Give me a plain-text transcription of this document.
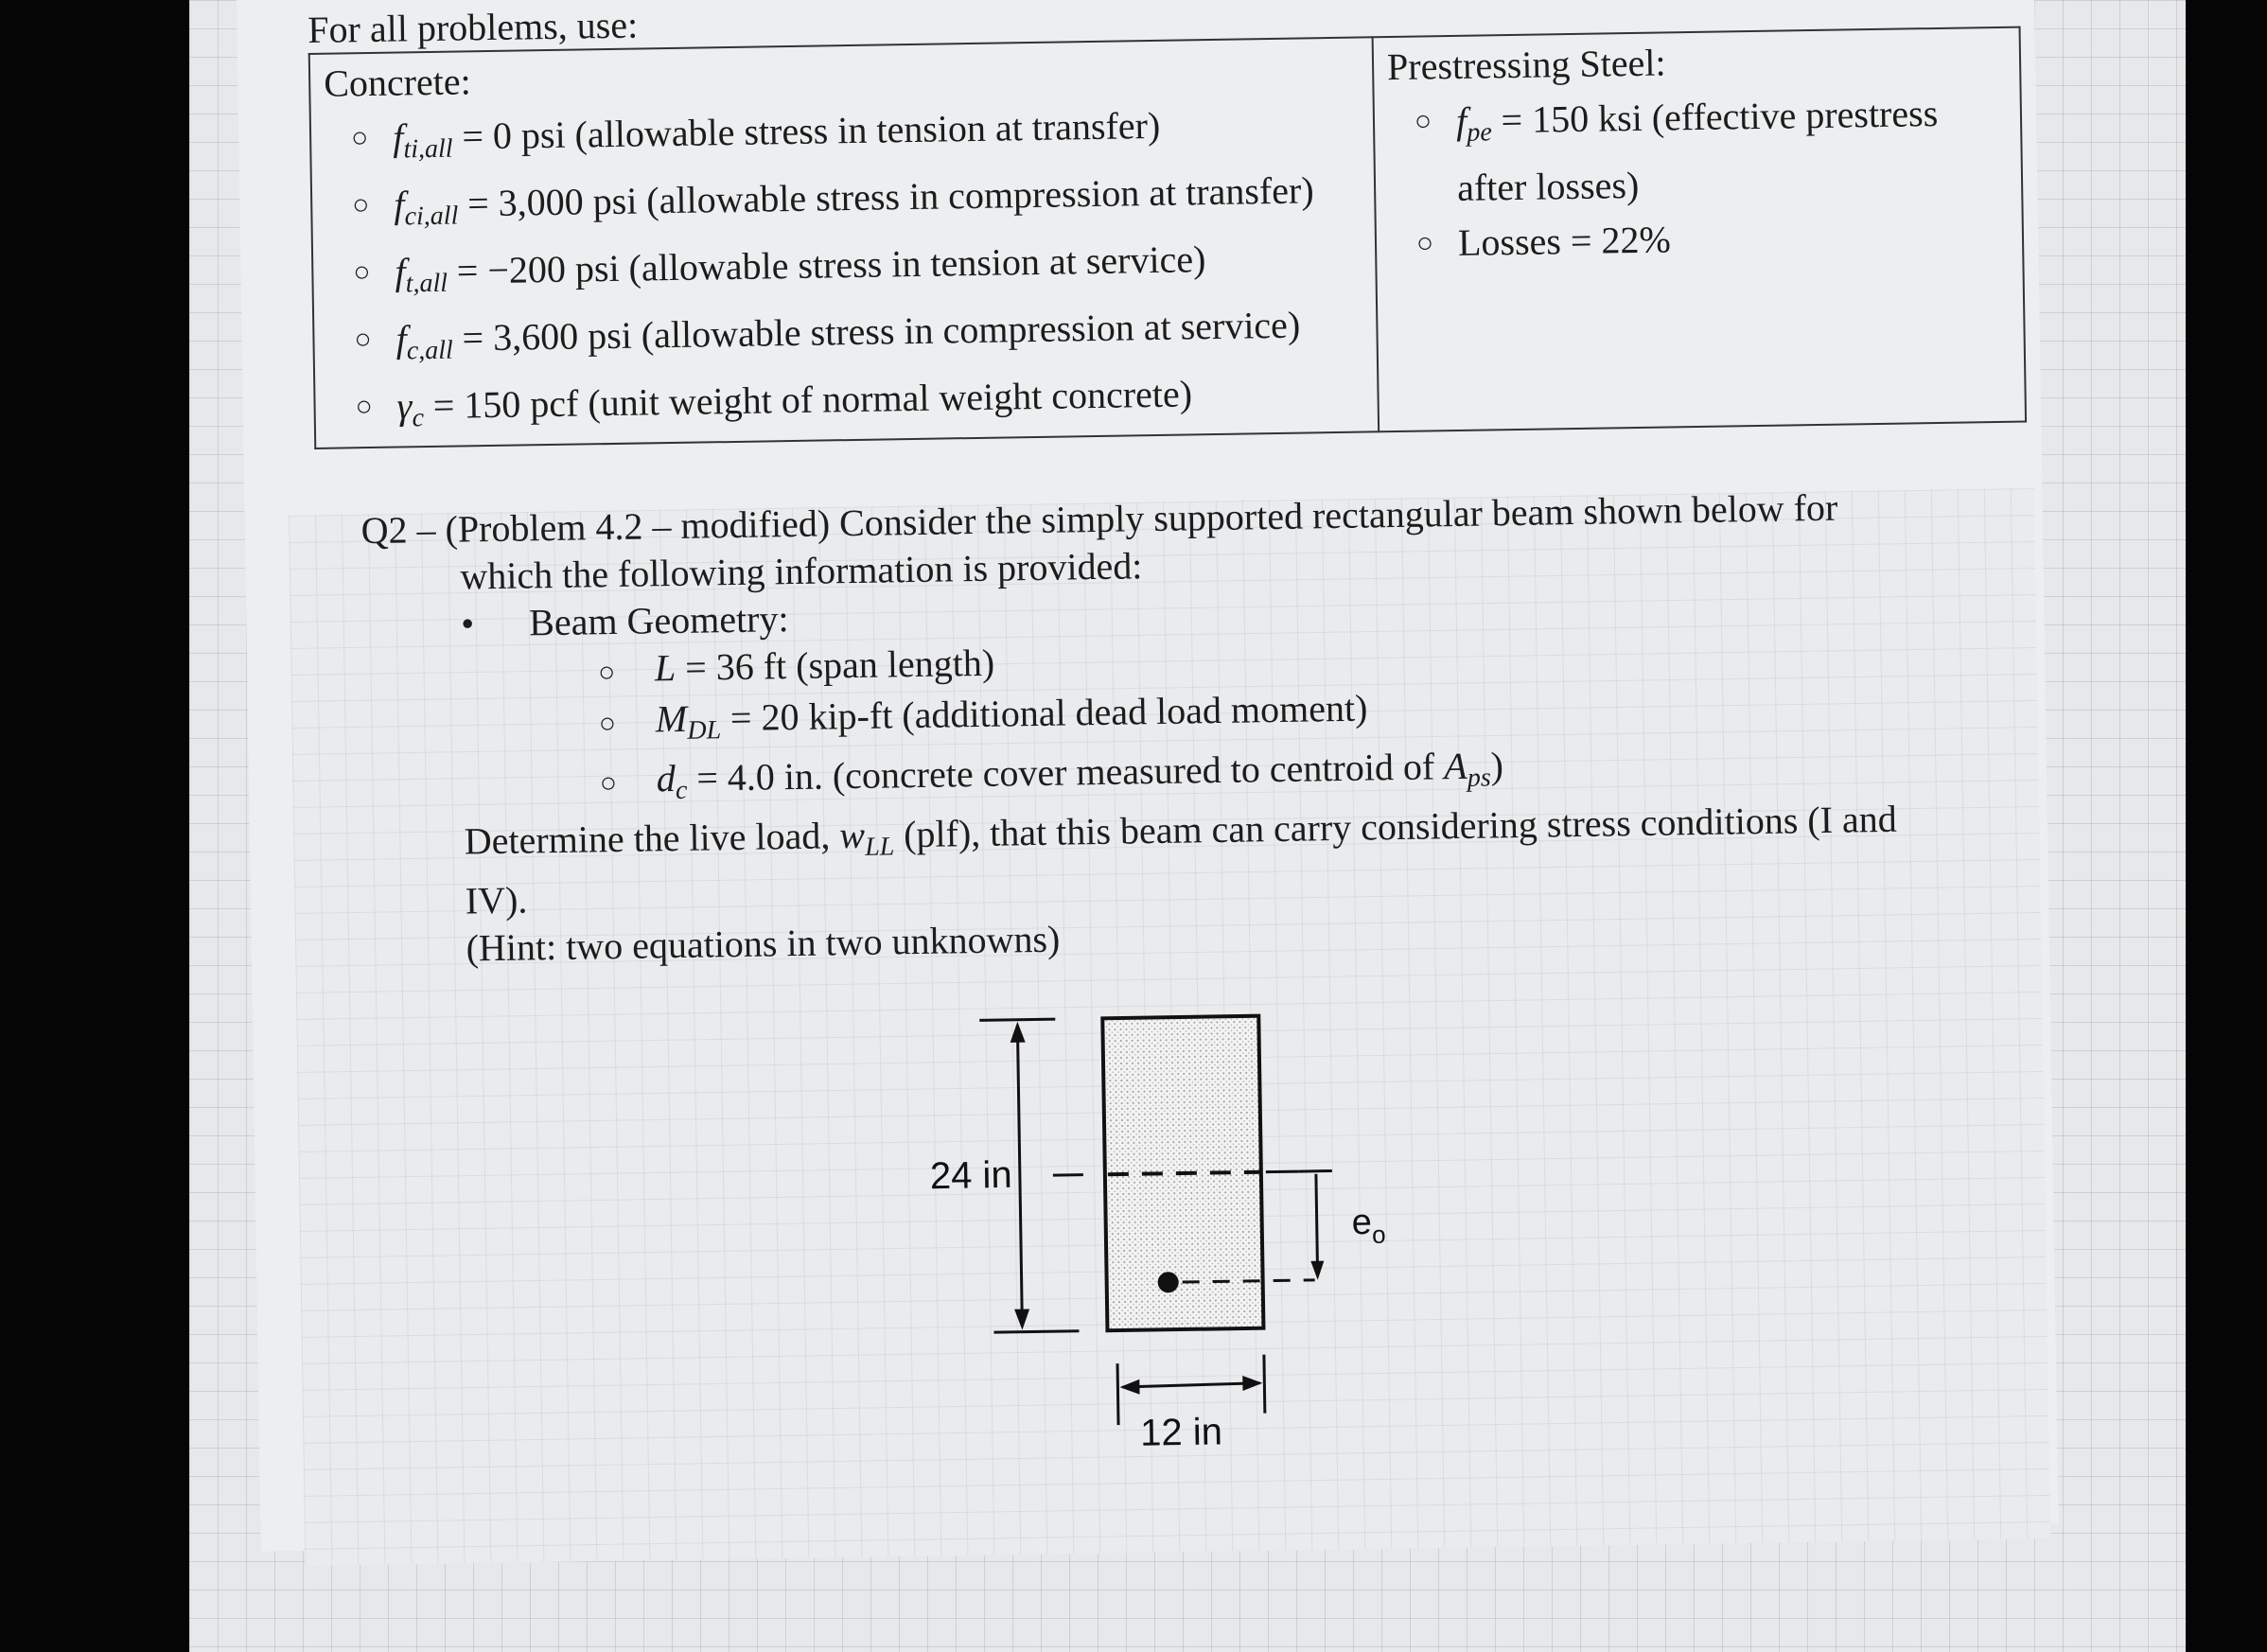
For all problems, use:

Concrete:

○ $f_{ti,all} = 0$ psi (allowable stress in tension at transfer)
○ $f_{ci,all} = 3,000$ psi (allowable stress in compression at transfer)
○ $f_{t,all} = -200$ psi (allowable stress in tension at service)
○ $f_{c,all} = 3,600$ psi (allowable stress in compression at service)
○ $\gamma_c = 150$ pcf (unit weight of normal weight concrete)

Prestressing Steel:

○ $f_{pe} = 150$ ksi (effective prestress after losses)
○ Losses = 22%

Q2 – (Problem 4.2 – modified) Consider the simply supported rectangular beam shown below for

which the following information is provided:
• Beam Geometry:
○ L = 36 ft (span length)
○ $M_{DL} = 20$ kip-ft (additional dead load moment)
○ $d_c = 4.0$ in. (concrete cover measured to centroid of $A_{ps}$)
Determine the live load, $w_{LL}$ (plf), that this beam can carry considering stress conditions (I and IV).
(Hint: two equations in two unknowns)
24 in
$e_o$
12 in
